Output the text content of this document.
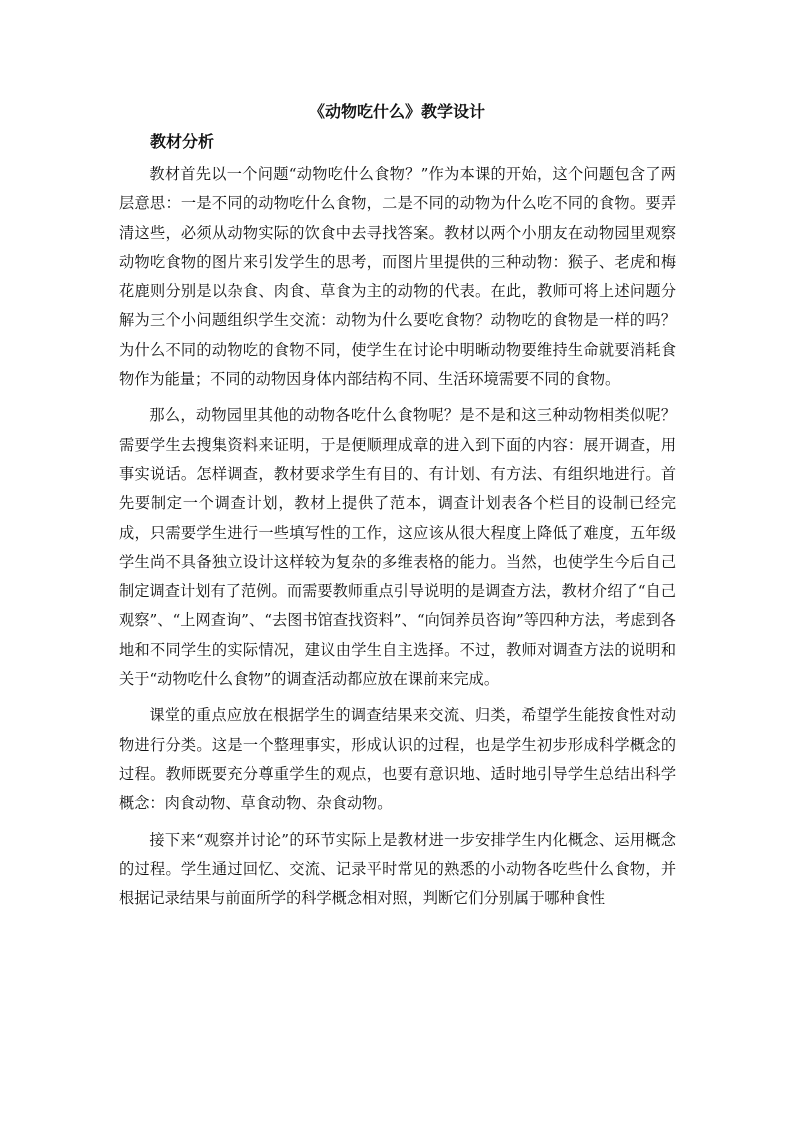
《动物吃什么》教学设计
教材分析

教材首先以一个问题“动物吃什么食物？”作为本课的开始，这个问题包含了两层意思：一是不同的动物吃什么食物，二是不同的动物为什么吃不同的食物。要弄清这些，必须从动物实际的饮食中去寻找答案。教材以两个小朋友在动物园里观察动物吃食物的图片来引发学生的思考，而图片里提供的三种动物：猴子、老虎和梅花鹿则分别是以杂食、肉食、草食为主的动物的代表。在此，教师可将上述问题分解为三个小问题组织学生交流：动物为什么要吃食物？动物吃的食物是一样的吗？为什么不同的动物吃的食物不同，使学生在讨论中明晰动物要维持生命就要消耗食物作为能量；不同的动物因身体内部结构不同、生活环境需要不同的食物。

那么，动物园里其他的动物各吃什么食物呢？是不是和这三种动物相类似呢？需要学生去搜集资料来证明，于是便顺理成章的进入到下面的内容：展开调查，用事实说话。怎样调查，教材要求学生有目的、有计划、有方法、有组织地进行。首先要制定一个调查计划，教材上提供了范本，调查计划表各个栏目的设制已经完成，只需要学生进行一些填写性的工作，这应该从很大程度上降低了难度，五年级学生尚不具备独立设计这样较为复杂的多维表格的能力。当然，也使学生今后自己制定调查计划有了范例。而需要教师重点引导说明的是调查方法，教材介绍了“自己观察”、“上网查询”、“去图书馆查找资料”、“向饲养员咨询”等四种方法，考虑到各地和不同学生的实际情况，建议由学生自主选择。不过，教师对调查方法的说明和关于“动物吃什么食物”的调查活动都应放在课前来完成。

课堂的重点应放在根据学生的调查结果来交流、归类，希望学生能按食性对动物进行分类。这是一个整理事实，形成认识的过程，也是学生初步形成科学概念的过程。教师既要充分尊重学生的观点，也要有意识地、适时地引导学生总结出科学概念：肉食动物、草食动物、杂食动物。

接下来“观察并讨论”的环节实际上是教材进一步安排学生内化概念、运用概念的过程。学生通过回忆、交流、记录平时常见的熟悉的小动物各吃些什么食物，并根据记录结果与前面所学的科学概念相对照，判断它们分别属于哪种食性
